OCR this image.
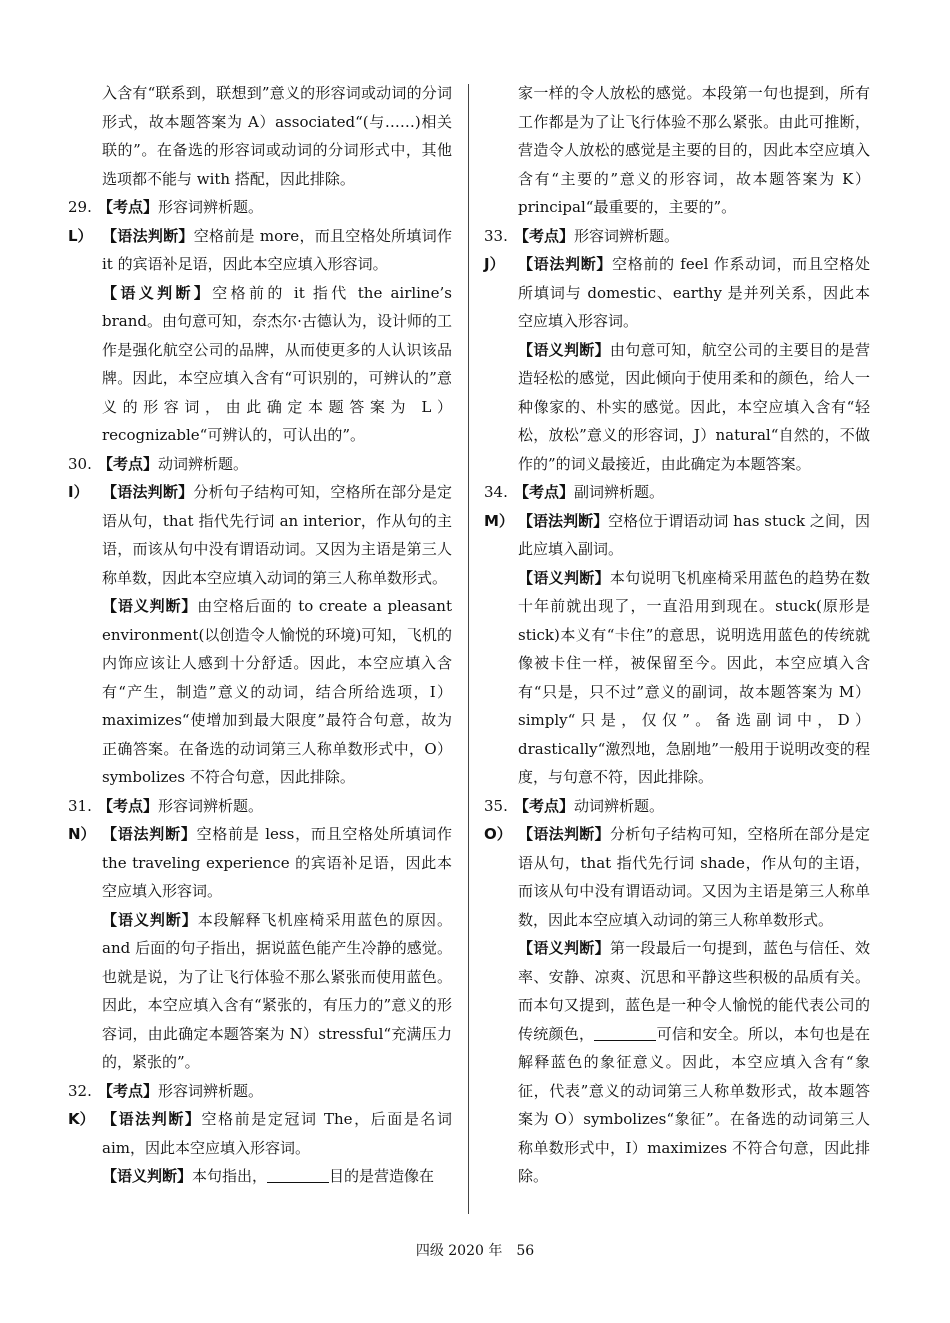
入含有“联系到，联想到”意义的形容词或动词的分词形式，故本题答案为 A）associated“(与……)相关联的”。在备选的形容词或动词的分词形式中，其他选项都不能与 with 搭配，因此排除。

29. 【考点】形容词辨析题。
L） 【语法判断】空格前是 more，而且空格处所填词作 it 的宾语补足语，因此本空应填入形容词。

【语义判断】空格前的 it 指代 the airline’s brand。由句意可知，奈杰尔·古德认为，设计师的工作是强化航空公司的品牌，从而使更多的人认识该品牌。因此，本空应填入含有“可识别的，可辨认的”意义的形容词，由此确定本题答案为 L）recognizable“可辨认的，可认出的”。

30. 【考点】动词辨析题。
I） 【语法判断】分析句子结构可知，空格所在部分是定语从句，that 指代先行词 an interior，作从句的主语，而该从句中没有谓语动词。又因为主语是第三人称单数，因此本空应填入动词的第三人称单数形式。

【语义判断】由空格后面的 to create a pleasant environment(以创造令人愉悦的环境)可知，飞机的内饰应该让人感到十分舒适。因此，本空应填入含有“产生，制造”意义的动词，结合所给选项，I）maximizes“使增加到最大限度”最符合句意，故为正确答案。在备选的动词第三人称单数形式中，O）symbolizes 不符合句意，因此排除。

31. 【考点】形容词辨析题。
N） 【语法判断】空格前是 less，而且空格处所填词作 the traveling experience 的宾语补足语，因此本空应填入形容词。

【语义判断】本段解释飞机座椅采用蓝色的原因。and 后面的句子指出，据说蓝色能产生冷静的感觉。也就是说，为了让飞行体验不那么紧张而使用蓝色。因此，本空应填入含有“紧张的，有压力的”意义的形容词，由此确定本题答案为 N）stressful“充满压力的，紧张的”。

32. 【考点】形容词辨析题。
K） 【语法判断】空格前是定冠词 The，后面是名词 aim，因此本空应填入形容词。

【语义判断】本句指出，	目的是营造像在

家一样的令人放松的感觉。本段第一句也提到，所有工作都是为了让飞行体验不那么紧张。由此可推断，营造令人放松的感觉是主要的目的，因此本空应填入含有“主要的”意义的形容词，故本题答案为 K）principal“最重要的，主要的”。

33. 【考点】形容词辨析题。
J） 【语法判断】空格前的 feel 作系动词，而且空格处所填词与 domestic、earthy 是并列关系，因此本空应填入形容词。

【语义判断】由句意可知，航空公司的主要目的是营造轻松的感觉，因此倾向于使用柔和的颜色，给人一种像家的、朴实的感觉。因此，本空应填入含有“轻松，放松”意义的形容词，J）natural“自然的，不做作的”的词义最接近，由此确定为本题答案。

34. 【考点】副词辨析题。
M） 【语法判断】空格位于谓语动词 has stuck 之间，因此应填入副词。

【语义判断】本句说明飞机座椅采用蓝色的趋势在数十年前就出现了，一直沿用到现在。stuck(原形是 stick)本义有“卡住”的意思，说明选用蓝色的传统就像被卡住一样，被保留至今。因此，本空应填入含有“只是，只不过”意义的副词，故本题答案为 M）simply“只是，仅仅”。备选副词中，D）drastically“激烈地，急剧地”一般用于说明改变的程度，与句意不符，因此排除。

35. 【考点】动词辨析题。
O） 【语法判断】分析句子结构可知，空格所在部分是定语从句，that 指代先行词 shade，作从句的主语，而该从句中没有谓语动词。又因为主语是第三人称单数，因此本空应填入动词的第三人称单数形式。

【语义判断】第一段最后一句提到，蓝色与信任、效率、安静、凉爽、沉思和平静这些积极的品质有关。而本句又提到，蓝色是一种令人愉悦的能代表公司的传统颜色，	可信和安全。所以，本句也是在解释蓝色的象征意义。因此，本空应填入含有“象征，代表”意义的动词第三人称单数形式，故本题答案为 O）symbolizes“象征”。在备选的动词第三人称单数形式中，I）maximizes 不符合句意，因此排除。

四级 2020 年　56
